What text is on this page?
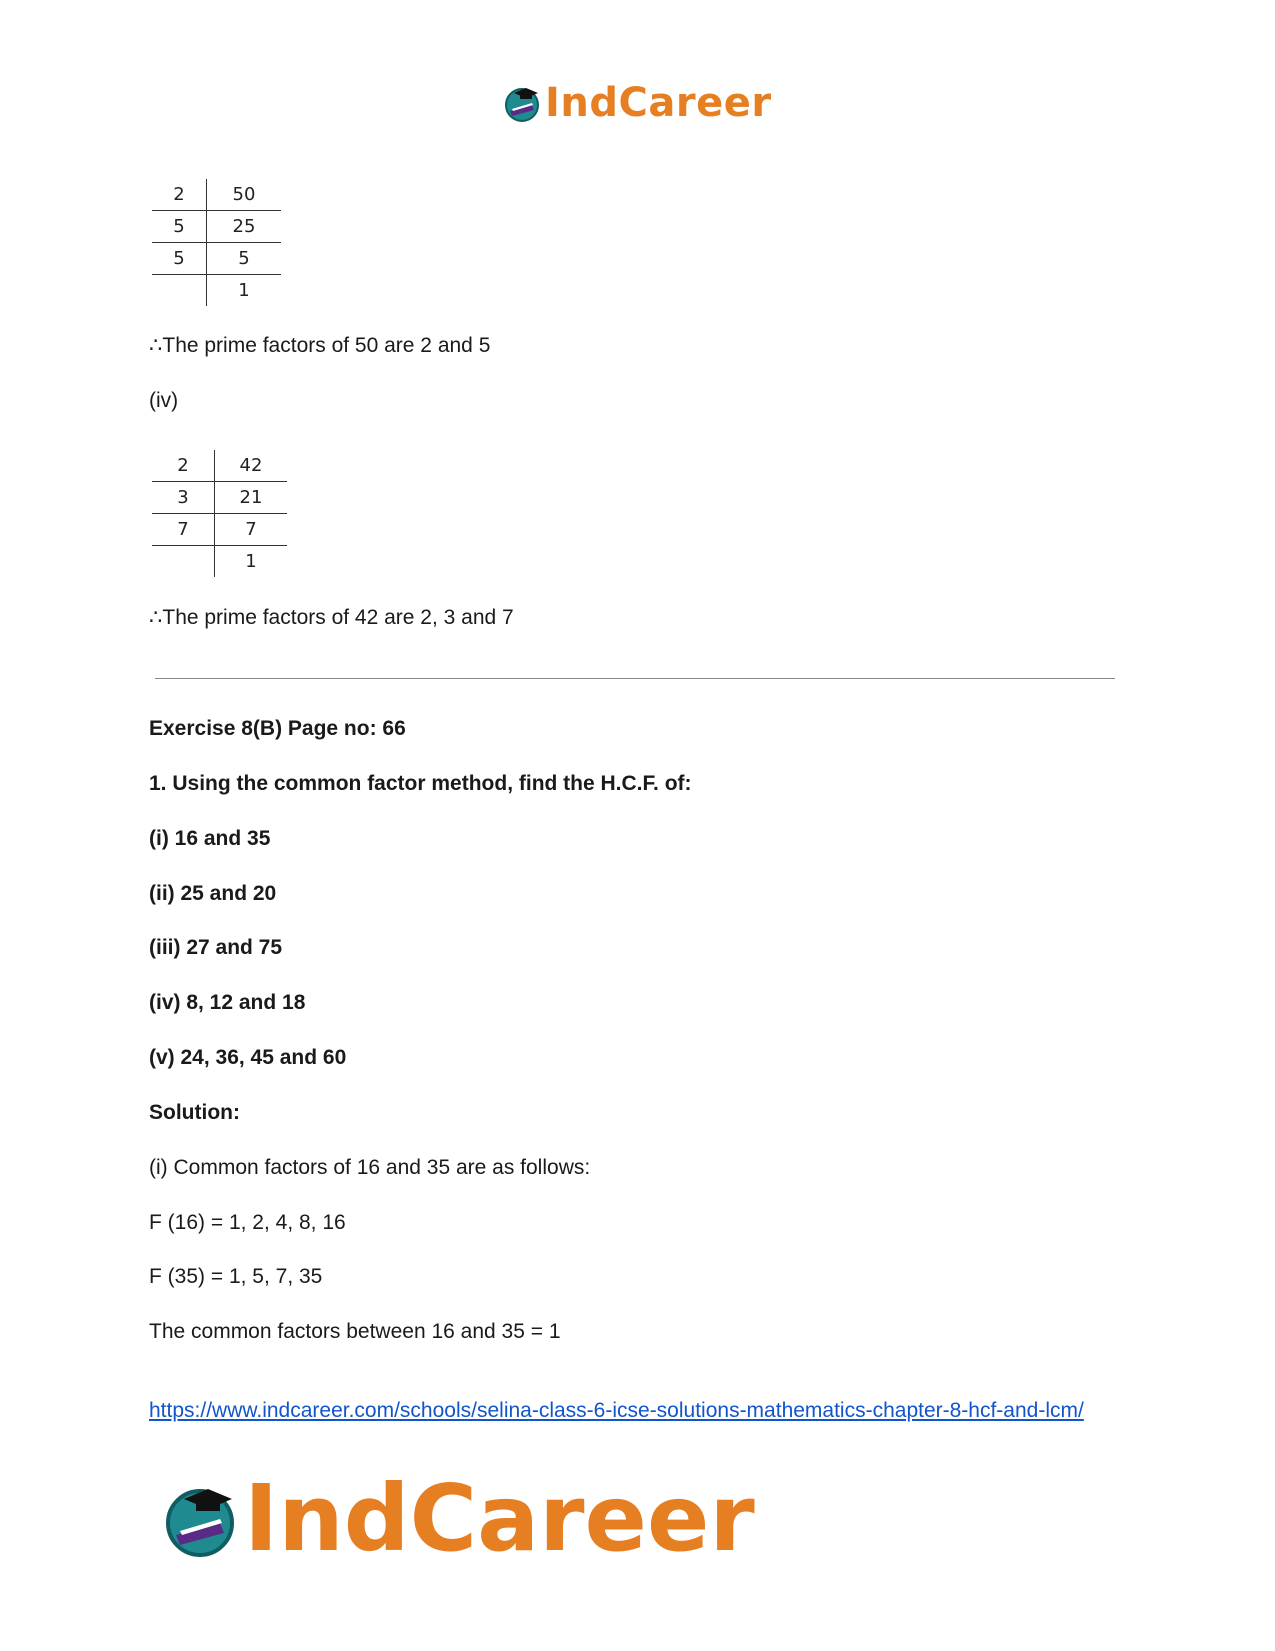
IndCareer
2	50
5	25
5	5
	1
∴The prime factors of 50 are 2 and 5
(iv)
2	42
3	21
7	7
	1
∴The prime factors of 42 are 2, 3 and 7
Exercise 8(B) Page no: 66
1. Using the common factor method, find the H.C.F. of:
(i) 16 and 35
(ii) 25 and 20
(iii) 27 and 75
(iv) 8, 12 and 18
(v) 24, 36, 45 and 60
Solution:
(i) Common factors of 16 and 35 are as follows:
F (16) = 1, 2, 4, 8, 16
F (35) = 1, 5, 7, 35
The common factors between 16 and 35 = 1
https://www.indcareer.com/schools/selina-class-6-icse-solutions-mathematics-chapter-8-hcf-and-lcm/
IndCareer
